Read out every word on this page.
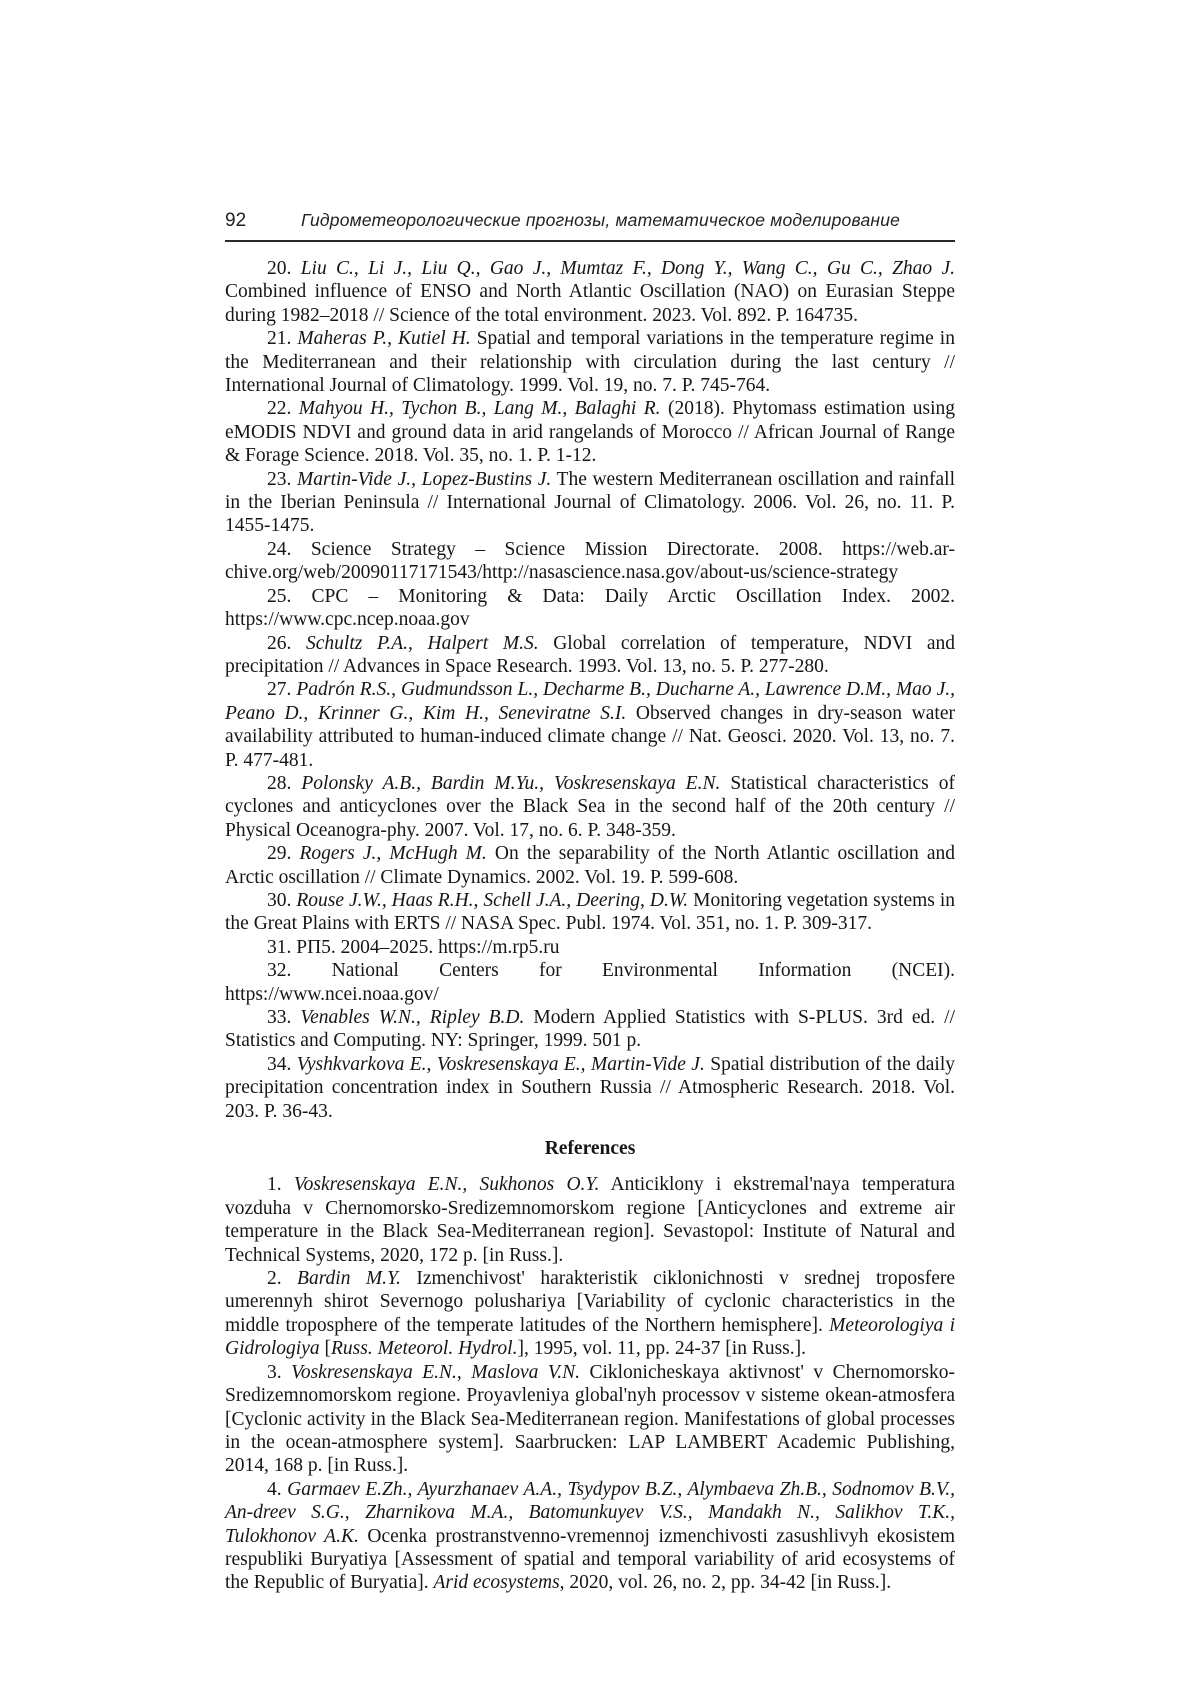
92	Гидрометеорологические прогнозы, математическое моделирование

20. Liu C., Li J., Liu Q., Gao J., Mumtaz F., Dong Y., Wang C., Gu C., Zhao J. Combined influence of ENSO and North Atlantic Oscillation (NAO) on Eurasian Steppe during 1982–2018 // Science of the total environment. 2023. Vol. 892. P. 164735.

21. Maheras P., Kutiel H. Spatial and temporal variations in the temperature regime in the Mediterranean and their relationship with circulation during the last century // International Journal of Climatology. 1999. Vol. 19, no. 7. P. 745-764.

22. Mahyou H., Tychon B., Lang M., Balaghi R. (2018). Phytomass estimation using eMODIS NDVI and ground data in arid rangelands of Morocco // African Journal of Range & Forage Science. 2018. Vol. 35, no. 1. P. 1-12.

23. Martin-Vide J., Lopez-Bustins J. The western Mediterranean oscillation and rainfall in the Iberian Peninsula // International Journal of Climatology. 2006. Vol. 26, no. 11. P. 1455-1475.

24. Science Strategy – Science Mission Directorate. 2008. https://web.ar-​chive.org/web/20090117171543/http://nasascience.nasa.gov/about-us/science-strategy

25. CPC – Monitoring & Data: Daily Arctic Oscillation Index. 2002. https://www.cpc.ncep.noaa.gov

26. Schultz P.A., Halpert M.S. Global correlation of temperature, NDVI and precipitation // Advances in Space Research. 1993. Vol. 13, no. 5. P. 277-280.

27. Padrón R.S., Gudmundsson L., Decharme B., Ducharne A., Lawrence D.M., Mao J., Peano D., Krinner G., Kim H., Seneviratne S.I. Observed changes in dry-season water availability attributed to human-induced climate change // Nat. Geosci. 2020. Vol. 13, no. 7. P. 477-481.

28. Polonsky A.B., Bardin M.Yu., Voskresenskaya E.N. Statistical characteristics of cyclones and anticyclones over the Black Sea in the second half of the 20th century // Physical Oceanogra-​phy. 2007. Vol. 17, no. 6. P. 348-359.

29. Rogers J., McHugh M. On the separability of the North Atlantic oscillation and Arctic oscillation // Climate Dynamics. 2002. Vol. 19. P. 599-608.

30. Rouse J.W., Haas R.H., Schell J.A., Deering, D.W. Monitoring vegetation systems in the Great Plains with ERTS // NASA Spec. Publ. 1974. Vol. 351, no. 1. P. 309-317.

31. РП5. 2004–2025. https://m.rp5.ru

32. National Centers for Environmental Information (NCEI). https://www.ncei.noaa.gov/

33. Venables W.N., Ripley B.D. Modern Applied Statistics with S-PLUS. 3rd ed. // Statistics and Computing. NY: Springer, 1999. 501 p.

34. Vyshkvarkova E., Voskresenskaya E., Martin-Vide J. Spatial distribution of the daily precipitation concentration index in Southern Russia // Atmospheric Research. 2018. Vol. 203. P. 36-43.

References

1. Voskresenskaya E.N., Sukhonos O.Y. Anticiklony i ekstremal'naya temperatura vozduha v Chernomorsko-Sredizemnomorskom regione [Anticyclones and extreme air temperature in the Black Sea-Mediterranean region]. Sevastopol: Institute of Natural and Technical Systems, 2020, 172 p. [in Russ.].

2. Bardin M.Y. Izmenchivost' harakteristik ciklonichnosti v srednej troposfere umerennyh shirot Severnogo polushariya [Variability of cyclonic characteristics in the middle troposphere of the temperate latitudes of the Northern hemisphere]. Meteorologiya i Gidrologiya [Russ. Meteorol. Hydrol.], 1995, vol. 11, pp. 24-37 [in Russ.].

3. Voskresenskaya E.N., Maslova V.N. Ciklonicheskaya aktivnost' v Chernomorsko-Sredizemnomorskom regione. Proyavleniya global'nyh processov v sisteme okean-atmosfera [Cyclonic activity in the Black Sea-Mediterranean region. Manifestations of global processes in the ocean-atmosphere system]. Saarbrucken: LAP LAMBERT Academic Publishing, 2014, 168 p. [in Russ.].

4. Garmaev E.Zh., Ayurzhanaev A.A., Tsydypov B.Z., Alymbaeva Zh.B., Sodnomov B.V., An-​dreev S.G., Zharnikova M.A., Batomunkuyev V.S., Mandakh N., Salikhov T.K., Tulokhonov A.K. Ocenka prostranstvenno-vremennoj izmenchivosti zasushlivyh ekosistem respubliki Buryatiya [Assessment of spatial and temporal variability of arid ecosystems of the Republic of Buryatia]. Arid ecosystems, 2020, vol. 26, no. 2, pp. 34-42 [in Russ.].
